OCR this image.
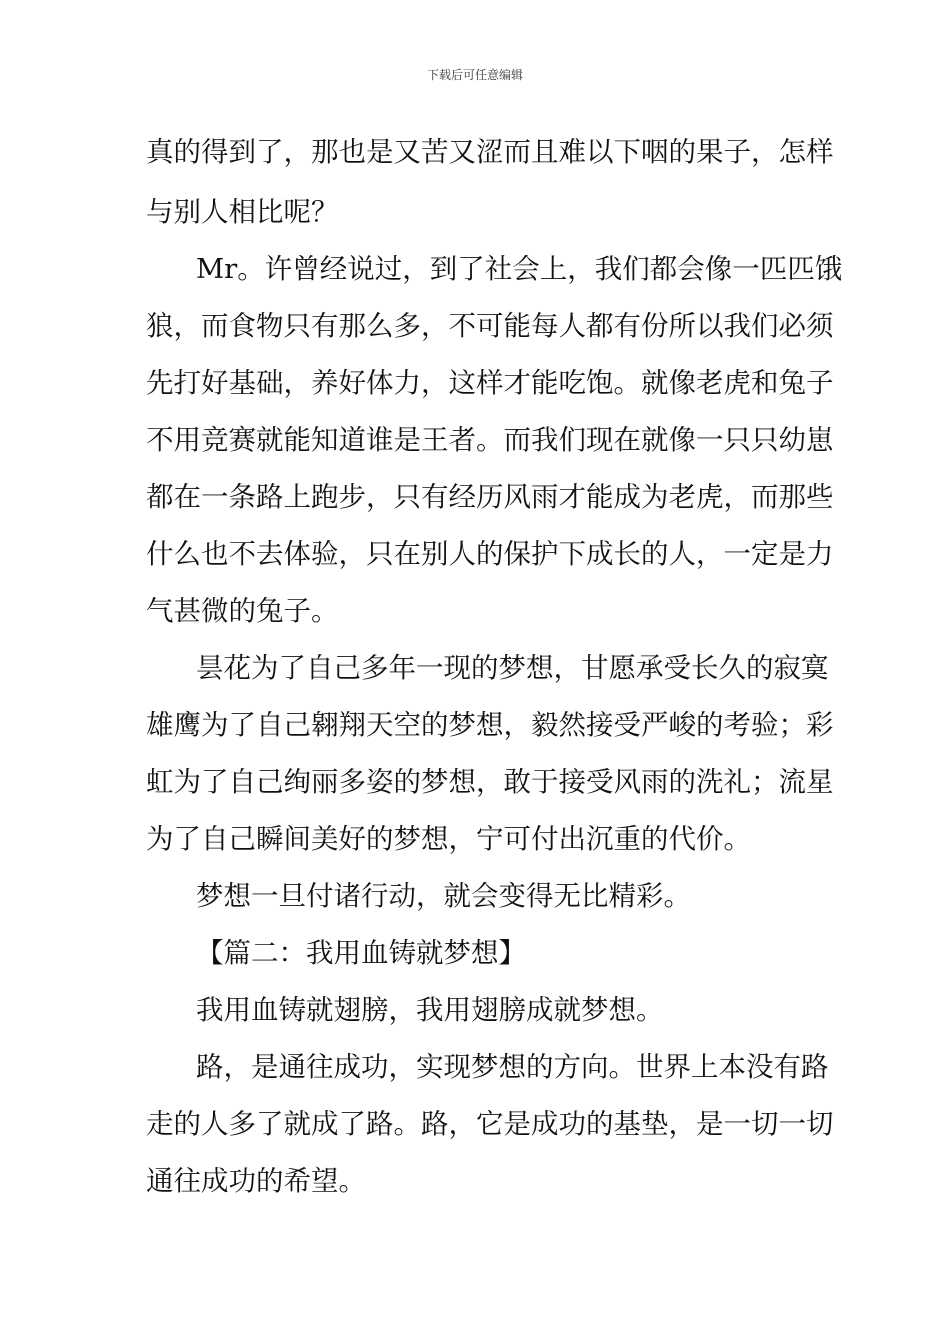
下载后可任意编辑
真的得到了，那也是又苦又涩而且难以下咽的果子，怎样
与别人相比呢？
Mr。许曾经说过，到了社会上，我们都会像一匹匹饿
狼，而食物只有那么多，不可能每人都有份所以我们必须
先打好基础，养好体力，这样才能吃饱。就像老虎和兔子
不用竞赛就能知道谁是王者。而我们现在就像一只只幼崽
都在一条路上跑步，只有经历风雨才能成为老虎，而那些
什么也不去体验，只在别人的保护下成长的人，一定是力
气甚微的兔子。
昙花为了自己多年一现的梦想，甘愿承受长久的寂寞
雄鹰为了自己翱翔天空的梦想，毅然接受严峻的考验；彩
虹为了自己绚丽多姿的梦想，敢于接受风雨的洗礼；流星
为了自己瞬间美好的梦想，宁可付出沉重的代价。
梦想一旦付诸行动，就会变得无比精彩。
【篇二：我用血铸就梦想】
我用血铸就翅膀，我用翅膀成就梦想。
路，是通往成功，实现梦想的方向。世界上本没有路
走的人多了就成了路。路，它是成功的基垫，是一切一切
通往成功的希望。
